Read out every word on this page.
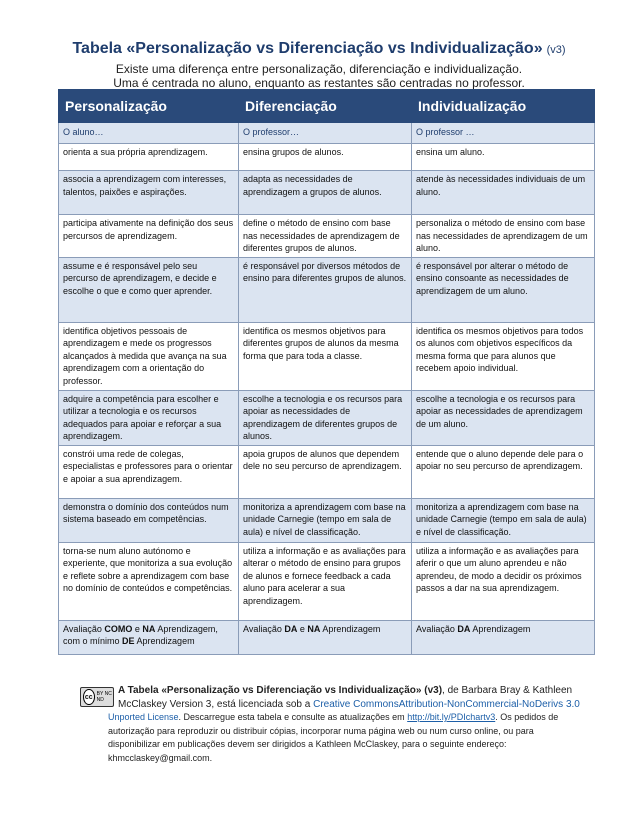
Tabela «Personalização vs Diferenciação vs Individualização» (v3)
Existe uma diferença entre personalização, diferenciação e individualização.
Uma é centrada no aluno, enquanto as restantes são centradas no professor.
Personalização	Diferenciação	Individualização
O aluno…	O professor…	O professor …
orienta a sua própria aprendizagem.	ensina grupos de alunos.	ensina um aluno.
associa a aprendizagem com interesses, talentos, paixões e aspirações.	adapta as necessidades de aprendizagem a grupos de alunos.	atende às necessidades individuais de um aluno.
participa ativamente na definição dos seus percursos de aprendizagem.	define o método de ensino com base nas necessidades de aprendizagem de diferentes grupos de alunos.	personaliza o método de ensino com base nas necessidades de aprendizagem de um aluno.
assume e é responsável pelo seu percurso de aprendizagem, e decide e escolhe o que e como quer aprender.	é responsável por diversos métodos de ensino para diferentes grupos de alunos.	é responsável por alterar o método de ensino consoante as necessidades de aprendizagem de um aluno.
identifica objetivos pessoais de aprendizagem e mede os progressos alcançados à medida que avança na sua aprendizagem com a orientação do professor.	identifica os mesmos objetivos para diferentes grupos de alunos da mesma forma que para toda a classe.	identifica os mesmos objetivos para todos os alunos com objetivos específicos da mesma forma que para alunos que recebem apoio individual.
adquire a competência para escolher e utilizar a tecnologia e os recursos adequados para apoiar e reforçar a sua aprendizagem.	escolhe a tecnologia e os recursos para apoiar as necessidades de aprendizagem de diferentes grupos de alunos.	escolhe a tecnologia e os recursos para apoiar as necessidades de aprendizagem de um aluno.
constrói uma rede de colegas, especialistas e professores para o orientar e apoiar a sua aprendizagem.	apoia grupos de alunos que dependem dele no seu percurso de aprendizagem.	entende que o aluno depende dele para o apoiar no seu percurso de aprendizagem.
demonstra o domínio dos conteúdos num sistema baseado em competências.	monitoriza a aprendizagem com base na unidade Carnegie (tempo em sala de aula) e nível de classificação.	monitoriza a aprendizagem com base na unidade Carnegie (tempo em sala de aula) e nível de classificação.
torna-se num aluno autónomo e experiente, que monitoriza a sua evolução e reflete sobre a aprendizagem com base no domínio de conteúdos e competências.	utiliza a informação e as avaliações para alterar o método de ensino para grupos de alunos e fornece feedback a cada aluno para acelerar a sua aprendizagem.	utiliza a informação e as avaliações para aferir o que um aluno aprendeu e não aprendeu, de modo a decidir os próximos passos a dar na sua aprendizagem.
Avaliação COMO e NA Aprendizagem, com o mínimo DE Aprendizagem	Avaliação DA e NA Aprendizagem	Avaliação DA Aprendizagem
cc BY NC ND
A Tabela «Personalização vs Diferenciação vs Individualização» (v3), de Barbara Bray & Kathleen
McClaskey Version 3, está licenciada sob a Creative CommonsAttribution-NonCommercial-NoDerivs 3.0
Unported License. Descarregue esta tabela e consulte as atualizações em http://bit.ly/PDIchartv3. Os pedidos de
autorização para reproduzir ou distribuir cópias, incorporar numa página web ou num curso online, ou para
disponibilizar em publicações devem ser dirigidos a Kathleen McClaskey, para o seguinte endereço:
khmcclaskey@gmail.com.
